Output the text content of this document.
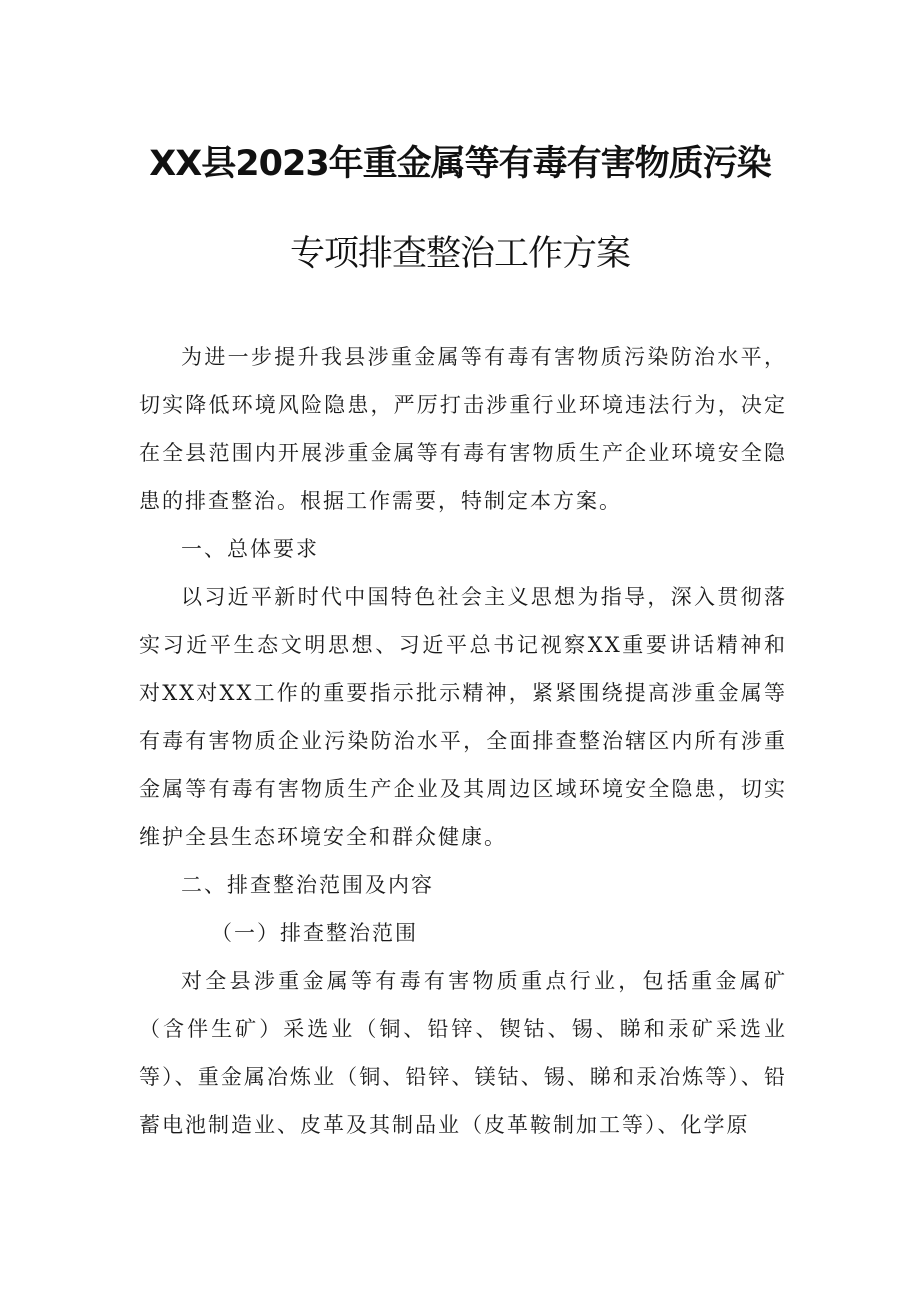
XX县2023年重金属等有毒有害物质污染
专项排查整治工作方案

为进一步提升我县涉重金属等有毒有害物质污染防治水平，切实降低环境风险隐患，严厉打击涉重行业环境违法行为，决定在全县范围内开展涉重金属等有毒有害物质生产企业环境安全隐患的排查整治。根据工作需要，特制定本方案。

一、总体要求

以习近平新时代中国特色社会主义思想为指导，深入贯彻落实习近平生态文明思想、习近平总书记视察XX重要讲话精神和对XX对XX工作的重要指示批示精神，紧紧围绕提高涉重金属等有毒有害物质企业污染防治水平，全面排查整治辖区内所有涉重金属等有毒有害物质生产企业及其周边区域环境安全隐患，切实维护全县生态环境安全和群众健康。

二、排查整治范围及内容

（一）排查整治范围

对全县涉重金属等有毒有害物质重点行业，包括重金属矿（含伴生矿）采选业（铜、铅锌、锲钴、锡、睇和汞矿采选业等）、重金属冶炼业（铜、铅锌、镁钴、锡、睇和汞冶炼等）、铅蓄电池制造业、皮革及其制品业（皮革鞍制加工等）、化学原
